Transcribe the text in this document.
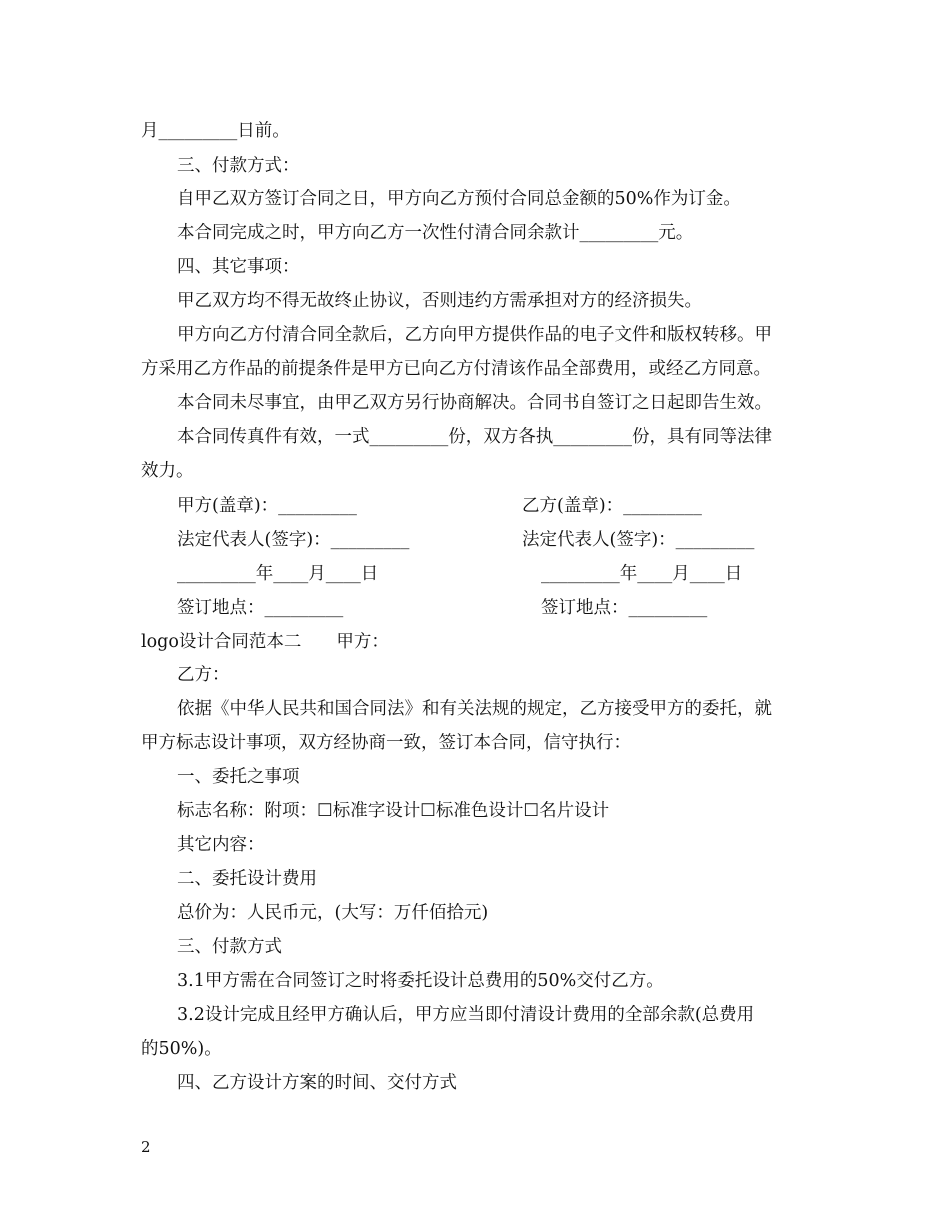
月_________日前。
三、付款方式：
自甲乙双方签订合同之日，甲方向乙方预付合同总金额的50%作为订金。
本合同完成之时，甲方向乙方一次性付清合同余款计_________元。
四、其它事项：
甲乙双方均不得无故终止协议，否则违约方需承担对方的经济损失。
甲方向乙方付清合同全款后，乙方向甲方提供作品的电子文件和版权转移。甲
方采用乙方作品的前提条件是甲方已向乙方付清该作品全部费用，或经乙方同意。
本合同未尽事宜，由甲乙双方另行协商解决。合同书自签订之日起即告生效。
本合同传真件有效，一式_________份，双方各执_________份，具有同等法律
效力。
甲方(盖章)：_________	乙方(盖章)：_________
法定代表人(签字)：_________	法定代表人(签字)：_________
_________年____月____日	_________年____月____日
签订地点：_________	签订地点：_________
logo设计合同范本二　　甲方：
乙方：
依据《中华人民共和国合同法》和有关法规的规定，乙方接受甲方的委托，就
甲方标志设计事项，双方经协商一致，签订本合同，信守执行：
一、委托之事项
标志名称：附项：☐标准字设计☐标准色设计☐名片设计
其它内容：
二、委托设计费用
总价为：人民币元，(大写：万仟佰拾元)
三、付款方式
3.1甲方需在合同签订之时将委托设计总费用的50%交付乙方。
3.2设计完成且经甲方确认后，甲方应当即付清设计费用的全部余款(总费用
的50%)。
四、乙方设计方案的时间、交付方式
2
